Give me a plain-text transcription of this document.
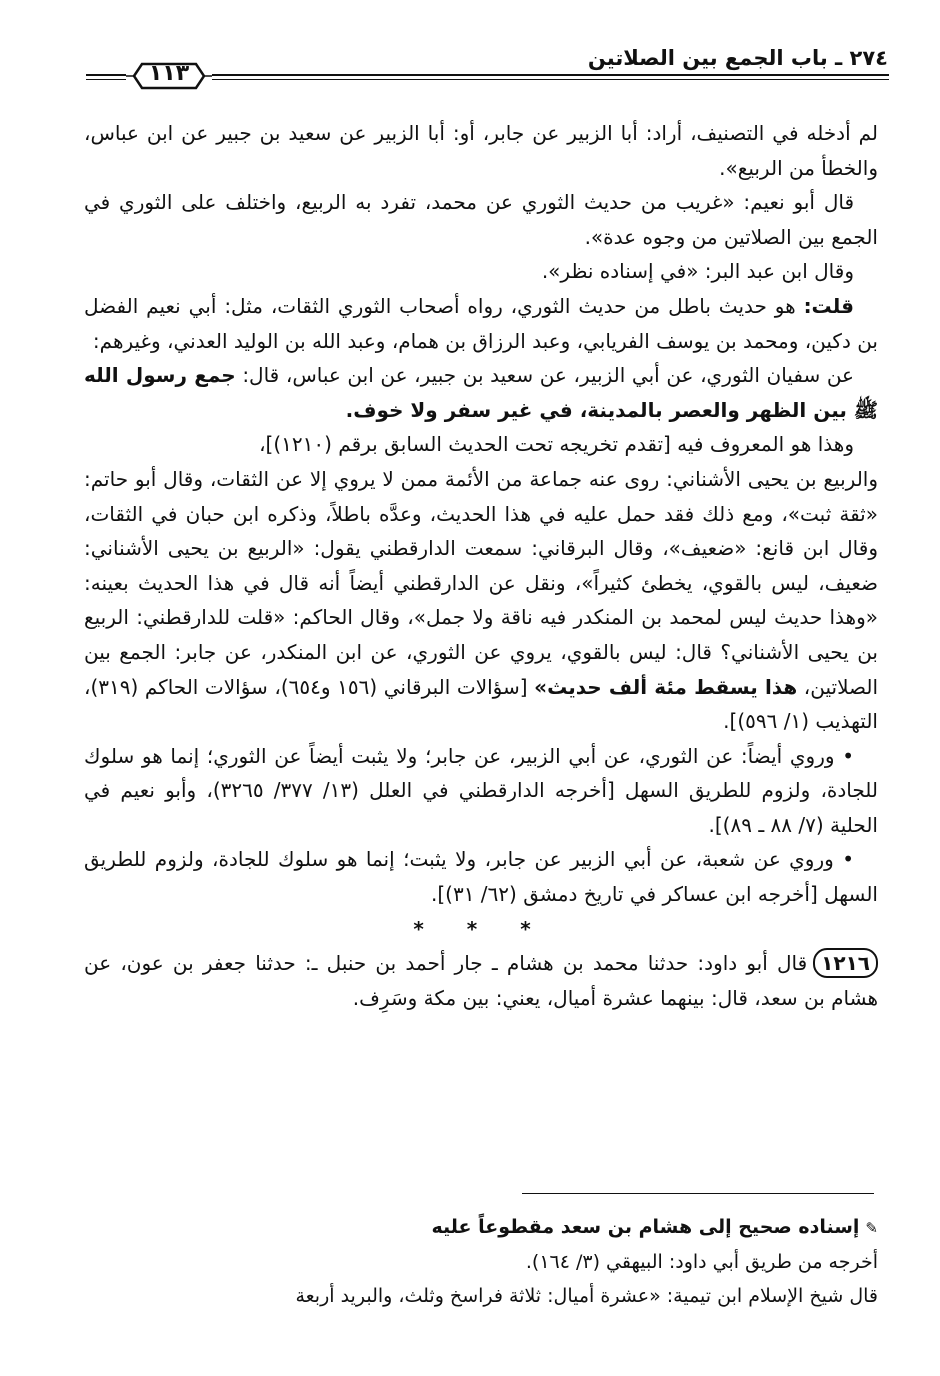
٢٧٤ ـ باب الجمع بين الصلاتين
١١٣

لم أدخله في التصنيف، أراد: أبا الزبير عن جابر، أو: أبا الزبير عن سعيد بن جبير عن ابن عباس، والخطأ من الربيع».

قال أبو نعيم: «غريب من حديث الثوري عن محمد، تفرد به الربيع، واختلف على الثوري في الجمع بين الصلاتين من وجوه عدة».

وقال ابن عبد البر: «في إسناده نظر».

قلت: هو حديث باطل من حديث الثوري، رواه أصحاب الثوري الثقات، مثل: أبي نعيم الفضل بن دكين، ومحمد بن يوسف الفريابي، وعبد الرزاق بن همام، وعبد الله بن الوليد العدني، وغيرهم:

عن سفيان الثوري، عن أبي الزبير، عن سعيد بن جبير، عن ابن عباس، قال: جمع رسول الله ﷺ بين الظهر والعصر بالمدينة، في غير سفر ولا خوف.

وهذا هو المعروف فيه [تقدم تخريجه تحت الحديث السابق برقم (١٢١٠)]،

والربيع بن يحيى الأشناني: روى عنه جماعة من الأئمة ممن لا يروي إلا عن الثقات، وقال أبو حاتم: «ثقة ثبت»، ومع ذلك فقد حمل عليه في هذا الحديث، وعدَّه باطلاً، وذكره ابن حبان في الثقات، وقال ابن قانع: «ضعيف»، وقال البرقاني: سمعت الدارقطني يقول: «الربيع بن يحيى الأشناني: ضعيف، ليس بالقوي، يخطئ كثيراً»، ونقل عن الدارقطني أيضاً أنه قال في هذا الحديث بعينه: «وهذا حديث ليس لمحمد بن المنكدر فيه ناقة ولا جمل»، وقال الحاكم: «قلت للدارقطني: الربيع بن يحيى الأشناني؟ قال: ليس بالقوي، يروي عن الثوري، عن ابن المنكدر، عن جابر: الجمع بين الصلاتين، هذا يسقط مئة ألف حديث» [سؤالات البرقاني (١٥٦ و٦٥٤)، سؤالات الحاكم (٣١٩)، التهذيب (١/ ٥٩٦)].

• وروي أيضاً: عن الثوري، عن أبي الزبير، عن جابر؛ ولا يثبت أيضاً عن الثوري؛ إنما هو سلوك للجادة، ولزوم للطريق السهل [أخرجه الدارقطني في العلل (١٣/ ٣٧٧/ ٣٢٦٥)، وأبو نعيم في الحلية (٧/ ٨٨ ـ ٨٩)].

• وروي عن شعبة، عن أبي الزبير عن جابر، ولا يثبت؛ إنما هو سلوك للجادة، ولزوم للطريق السهل [أخرجه ابن عساكر في تاريخ دمشق (٦٢/ ٣١)].

* * *

١٢١٦قال أبو داود: حدثنا محمد بن هشام ـ جار أحمد بن حنبل ـ: حدثنا جعفر بن عون، عن هشام بن سعد، قال: بينهما عشرة أميال، يعني: بين مكة وسَرِف.

✎إسناده صحيح إلى هشام بن سعد مقطوعاً عليه

أخرجه من طريق أبي داود: البيهقي (٣/ ١٦٤).

قال شيخ الإسلام ابن تيمية: «عشرة أميال: ثلاثة فراسخ وثلث، والبريد أربعة
